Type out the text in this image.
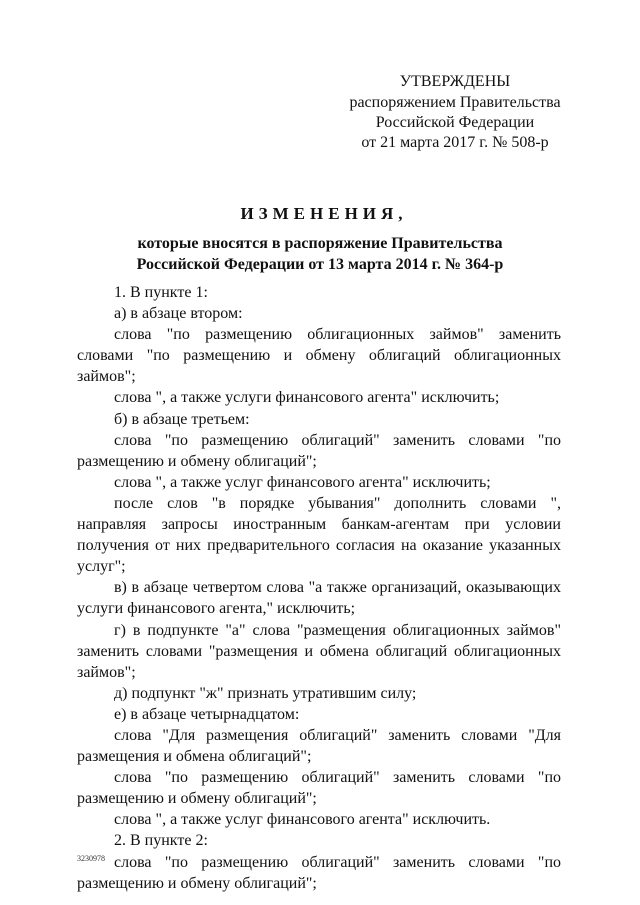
УТВЕРЖДЕНЫ
распоряжением Правительства
Российской Федерации
от 21 марта 2017 г. № 508-р
ИЗМЕНЕНИЯ,
которые вносятся в распоряжение Правительства
Российской Федерации от 13 марта 2014 г. № 364-р

1. В пункте 1:

а) в абзаце втором:

слова "по размещению облигационных займов" заменить словами "по размещению и обмену облигаций облигационных займов";

слова ", а также услуги финансового агента" исключить;

б) в абзаце третьем:

слова "по размещению облигаций" заменить словами "по размещению и обмену облигаций";

слова ", а также услуг финансового агента" исключить;

после слов "в порядке убывания" дополнить словами ", направляя запросы иностранным банкам-агентам при условии получения от них предварительного согласия на оказание указанных услуг";

в) в абзаце четвертом слова "а также организаций, оказывающих услуги финансового агента," исключить;

г) в подпункте "а" слова "размещения облигационных займов" заменить словами "размещения и обмена облигаций облигационных займов";

д) подпункт "ж" признать утратившим силу;

е) в абзаце четырнадцатом:

слова "Для размещения облигаций" заменить словами "Для размещения и обмена облигаций";

слова "по размещению облигаций" заменить словами "по размещению и обмену облигаций";

слова ", а также услуг финансового агента" исключить.

2. В пункте 2:

слова "по размещению облигаций" заменить словами "по размещению и обмену облигаций";

3230978
